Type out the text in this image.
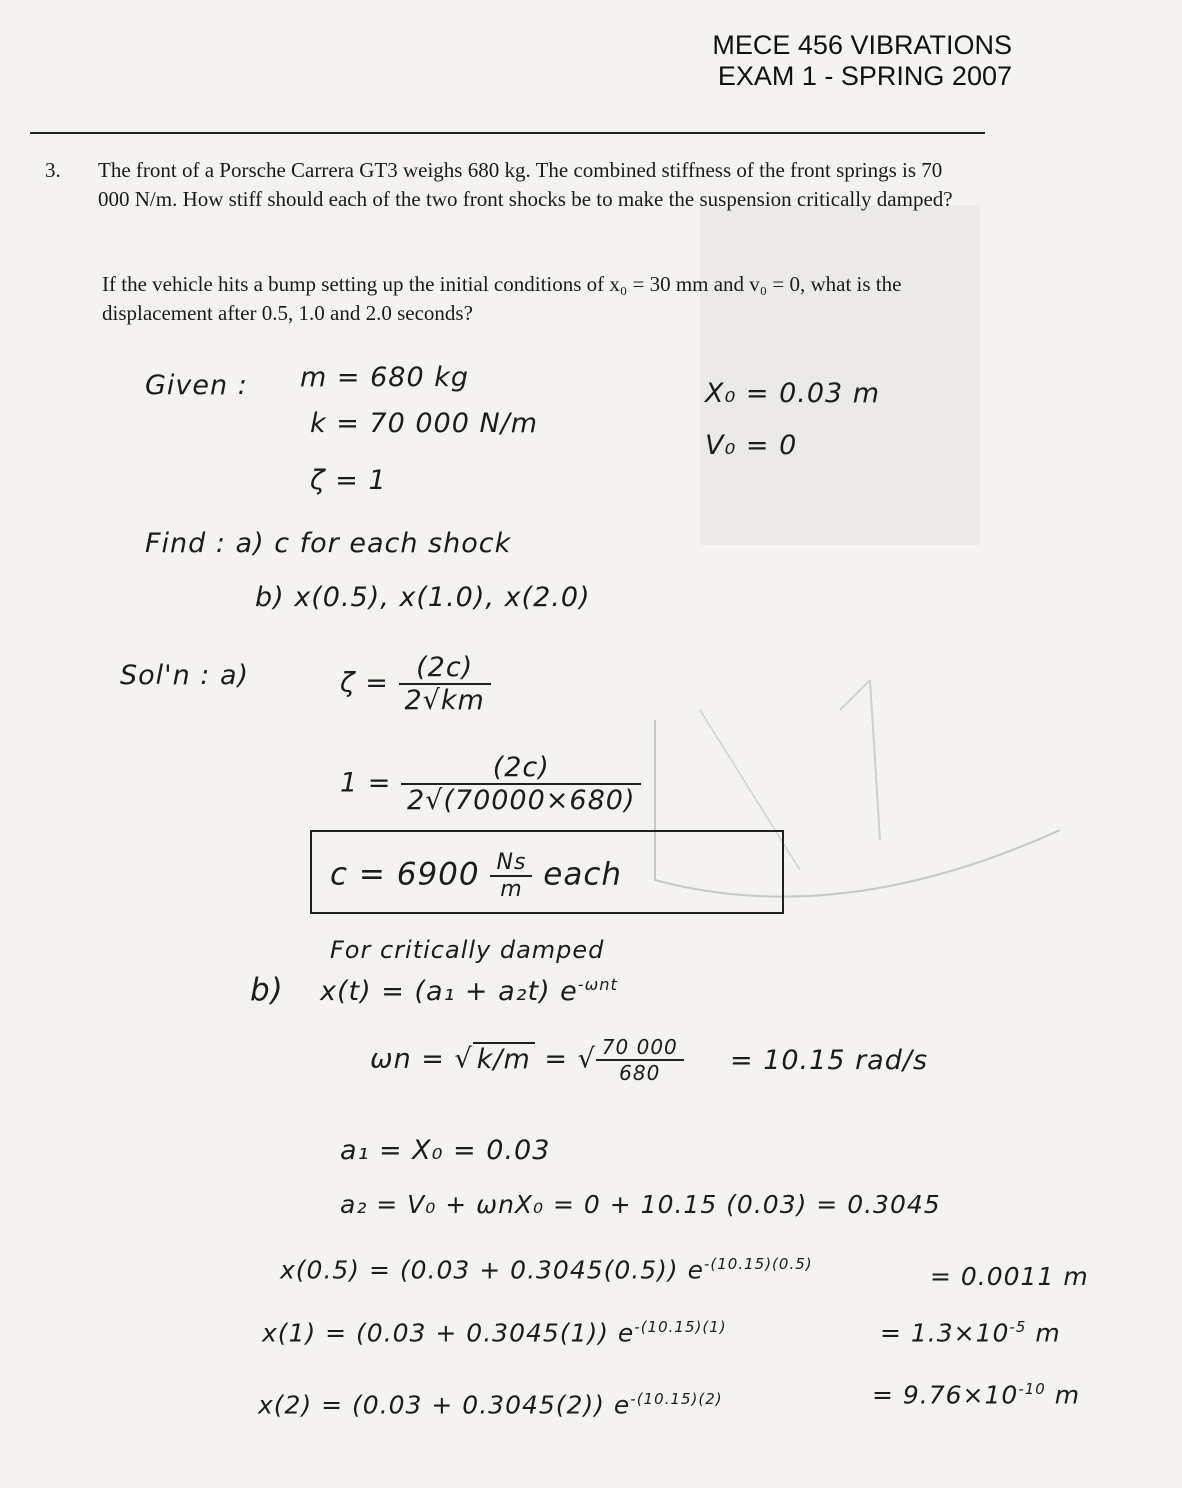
MECE 456 VIBRATIONS
EXAM 1 - SPRING 2007
3. The front of a Porsche Carrera GT3 weighs 680 kg. The combined stiffness of the front springs is 70 000 N/m. How stiff should each of the two front shocks be to make the suspension critically damped?
If the vehicle hits a bump setting up the initial conditions of x₀ = 30 mm and v₀ = 0, what is the displacement after 0.5, 1.0 and 2.0 seconds?
Given : m = 680 kg
k = 70 000 N/m
ζ = 1
X₀ = 0.03 m
V₀ = 0
Find : a) c for each shock
b) x(0.5), x(1.0), x(2.0)
Sol'n : a)	$\zeta = \frac{(2c)}{2√km}$
$1 = \frac{(2c)}{2√(70000\times 680)}$
$c = 6900 \frac{Ns}{m}$ each
For critically damped
b) x(t) = (a₁ + a₂t) $e^{-\omega nt}$
ωn = √ k/m = √ $\frac{70 000}{680} = 10.15$ rad/s
a₁ = X₀ = 0.03
a₂ = V₀ + ωnX₀ = 0 + 10.15 (0.03) = 0.3045
x(0.5) = (0.03 + 0.3045(0.5)) $e^{-(10.15)(0.5)}$	= 0.0011 m
x(1) = (0.03 + 0.3045(1)) $e^{-(10.15)(1)}$	= $1.3\times 10^{-5}$ m
x(2) = (0.03 + 0.3045(2)) $e^{-(10.15)(2)}$	= $9.76\times 10^{-10}$ m
